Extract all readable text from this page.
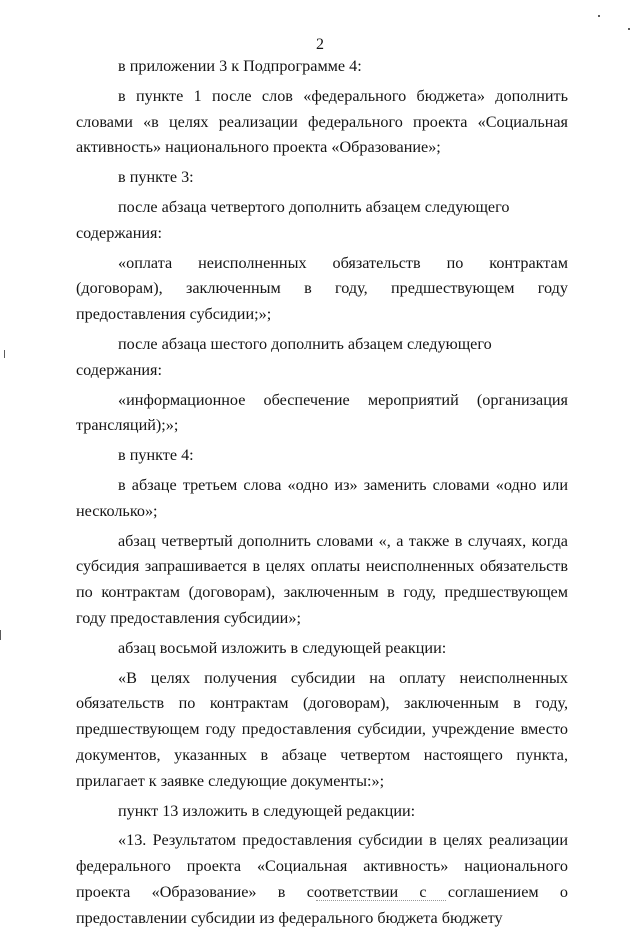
2

в приложении 3 к Подпрограмме 4:

в пункте 1 после слов «федерального бюджета» дополнить словами «в целях реализации федерального проекта «Социальная активность» национального проекта «Образование»;

в пункте 3:

после абзаца четвертого дополнить абзацем следующего содержания:

«оплата неисполненных обязательств по контрактам (договорам), заключенным в году, предшествующем году предоставления субсидии;»;

после абзаца шестого дополнить абзацем следующего содержания:

«информационное обеспечение мероприятий (организация трансляций);»;

в пункте 4:

в абзаце третьем слова «одно из» заменить словами «одно или несколько»;

абзац четвертый дополнить словами «, а также в случаях, когда субсидия запрашивается в целях оплаты неисполненных обязательств по контрактам (договорам), заключенным в году, предшествующем году предоставления субсидии»;

абзац восьмой изложить в следующей реакции:

«В целях получения субсидии на оплату неисполненных обязательств по контрактам (договорам), заключенным в году, предшествующем году предоставления субсидии, учреждение вместо документов, указанных в абзаце четвертом настоящего пункта, прилагает к заявке следующие документы:»;

пункт 13 изложить в следующей редакции:

«13. Результатом предоставления субсидии в целях реализации федерального проекта «Социальная активность» национального проекта «Образование» в соответствии с соглашением о предоставлении субсидии из федерального бюджета бюджету
